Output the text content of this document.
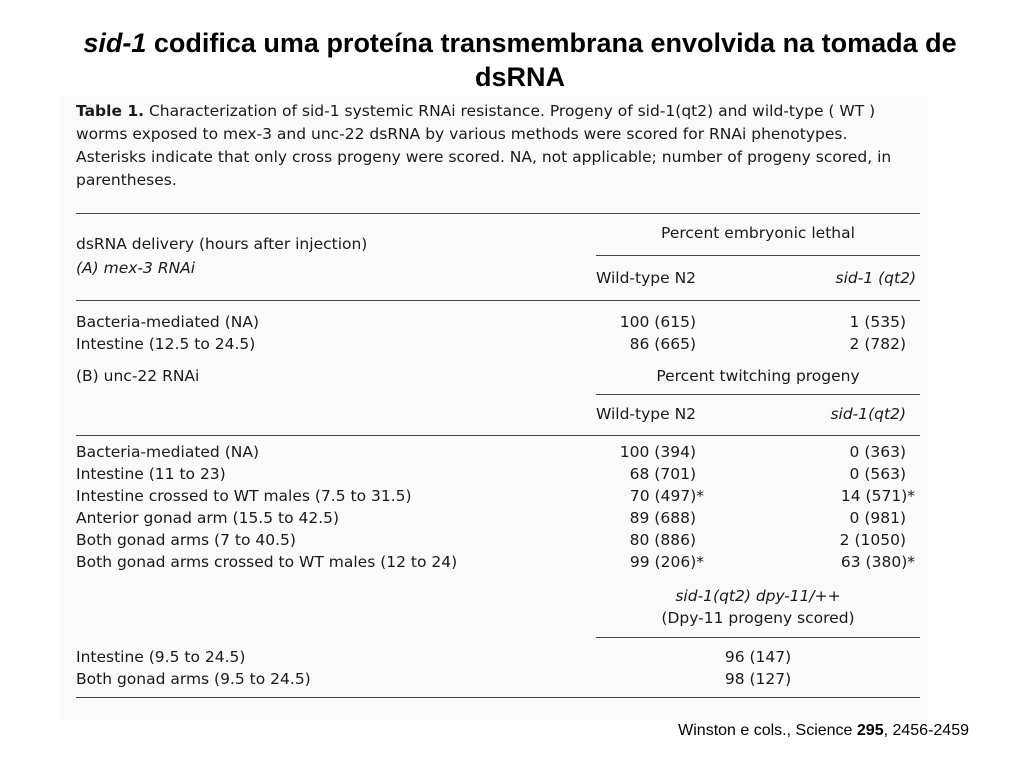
sid-1 codifica uma proteína transmembrana envolvida na tomada de dsRNA
Table 1. Characterization of sid-1 systemic RNAi resistance. Progeny of sid-1(qt2) and wild-type ( WT ) worms exposed to mex-3 and unc-22 dsRNA by various methods were scored for RNAi phenotypes. Asterisks indicate that only cross progeny were scored. NA, not applicable; number of progeny scored, in parentheses.
dsRNA delivery (hours after injection)
(A) mex-3 RNAi
Percent embryonic lethal
Wild-type N2	sid-1 (qt2)
Bacteria-mediated (NA)	100 (615)	1 (535)
Intestine (12.5 to 24.5)	86 (665)	2 (782)
(B) unc-22 RNAi	Percent twitching progeny
Wild-type N2	sid-1(qt2)
Bacteria-mediated (NA)	100 (394)	0 (363)
Intestine (11 to 23)	68 (701)	0 (563)
Intestine crossed to WT males (7.5 to 31.5)	70 (497)*	14 (571)*
Anterior gonad arm (15.5 to 42.5)	89 (688)	0 (981)
Both gonad arms (7 to 40.5)	80 (886)	2 (1050)
Both gonad arms crossed to WT males (12 to 24)	99 (206)*	63 (380)*
sid-1(qt2) dpy-11/++
(Dpy-11 progeny scored)
Intestine (9.5 to 24.5)	96 (147)
Both gonad arms (9.5 to 24.5)	98 (127)
Winston e cols., Science 295, 2456-2459
